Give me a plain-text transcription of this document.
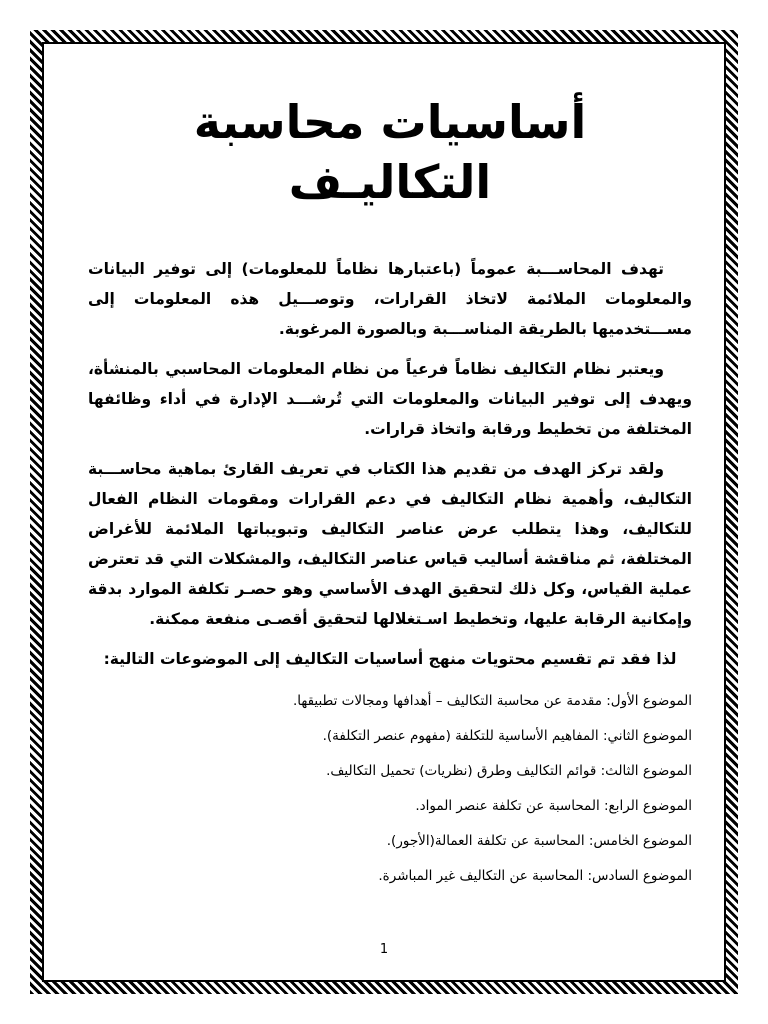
أساسيات محاسبة التكاليـف

تهدف المحاســـبة عموماً (باعتبارها نظاماً للمعلومات) إلى توفير البيانات والمعلومات الملائمة لاتخاذ القرارات، وتوصـــيل هذه المعلومات إلى مســـتخدميها بالطريقة المناســـبة وبالصورة المرغوبة.

ويعتبر نظام التكاليف نظاماً فرعياً من نظام المعلومات المحاسبي بالمنشأة، ويهدف إلى توفير البيانات والمعلومات التي تُرشـــد الإدارة في أداء وظائفها المختلفة من تخطيط ورقابة واتخاذ قرارات.

ولقد تركز الهدف من تقديم هذا الكتاب في تعريف القارئ بماهية محاســـبة التكاليف، وأهمية نظام التكاليف في دعم القرارات ومقومات النظام الفعال للتكاليف، وهذا يتطلب عرض عناصر التكاليف وتبويباتها الملائمة للأغراض المختلفة، ثم مناقشة أساليب قياس عناصر التكاليف، والمشكلات التي قد تعترض عملية القياس، وكل ذلك لتحقيق الهدف الأساسي وهو حصـر تكلفة الموارد بدقة وإمكانية الرقابة عليها، وتخطيط اسـتغلالها لتحقيق أقصـى منفعة ممكنة.

لذا فقد تم تقسيم محتويات منهج أساسيات التكاليف إلى الموضوعات التالية:

الموضوع الأول: مقدمة عن محاسبة التكاليف – أهدافها ومجالات تطبيقها.
الموضوع الثاني: المفاهيم الأساسية للتكلفة (مفهوم عنصر التكلفة).
الموضوع الثالث: قوائم التكاليف وطرق (نظريات) تحميل التكاليف.
الموضوع الرابع: المحاسبة عن تكلفة عنصر المواد.
الموضوع الخامس: المحاسبة عن تكلفة العمالة(الأجور).
الموضوع السادس: المحاسبة عن التكاليف غير المباشرة.
1
